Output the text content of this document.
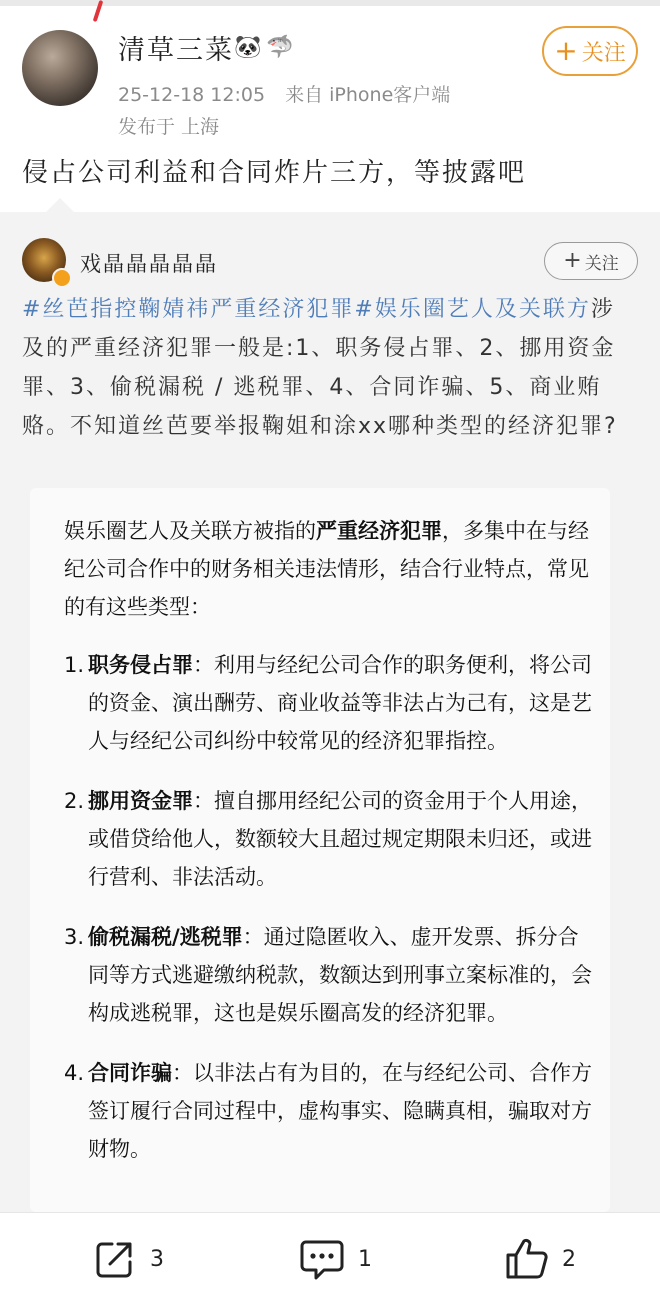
清草三菜 🐼 🦈
25-12-18 12:05 来自 iPhone客户端
发布于 上海
+ 关注
侵占公司利益和合同炸片三方，等披露吧
戏晶晶晶晶晶	+ 关注
#丝芭指控鞠婧祎严重经济犯罪#娱乐圈艺人及关联方涉及的严重经济犯罪一般是:1、职务侵占罪、2、挪用资金罪、3、偷税漏税 / 逃税罪、4、合同诈骗、5、商业贿赂。不知道丝芭要举报鞠姐和涂xx哪种类型的经济犯罪?

娱乐圈艺人及关联方被指的严重经济犯罪，多集中在与经纪公司合作中的财务相关违法情形，结合行业特点，常见的有这些类型：

1. 职务侵占罪：利用与经纪公司合作的职务便利，将公司的资金、演出酬劳、商业收益等非法占为己有，这是艺人与经纪公司纠纷中较常见的经济犯罪指控。
2. 挪用资金罪：擅自挪用经纪公司的资金用于个人用途，或借贷给他人，数额较大且超过规定期限未归还，或进行营利、非法活动。
3. 偷税漏税/逃税罪：通过隐匿收入、虚开发票、拆分合同等方式逃避缴纳税款，数额达到刑事立案标准的，会构成逃税罪，这也是娱乐圈高发的经济犯罪。
4. 合同诈骗：以非法占有为目的，在与经纪公司、合作方签订履行合同过程中，虚构事实、隐瞒真相，骗取对方财物。
3	1	2
